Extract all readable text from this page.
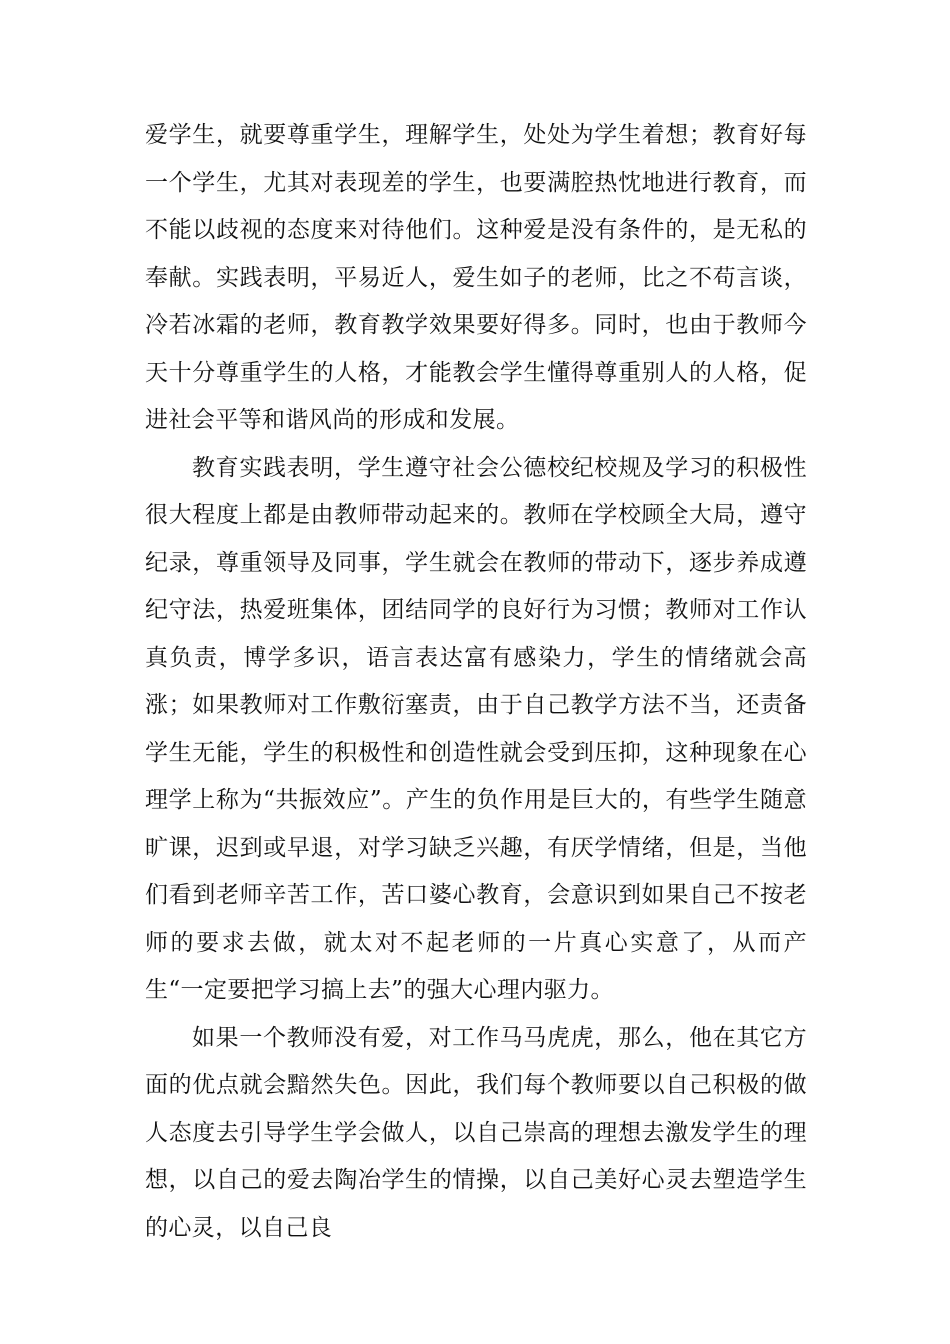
爱学生，就要尊重学生，理解学生，处处为学生着想；教育好每一个学生，尤其对表现差的学生，也要满腔热忱地进行教育，而不能以歧视的态度来对待他们。这种爱是没有条件的，是无私的奉献。实践表明，平易近人，爱生如子的老师，比之不苟言谈，冷若冰霜的老师，教育教学效果要好得多。同时，也由于教师今天十分尊重学生的人格，才能教会学生懂得尊重别人的人格，促进社会平等和谐风尚的形成和发展。

教育实践表明，学生遵守社会公德校纪校规及学习的积极性很大程度上都是由教师带动起来的。教师在学校顾全大局，遵守纪录，尊重领导及同事，学生就会在教师的带动下，逐步养成遵纪守法，热爱班集体，团结同学的良好行为习惯；教师对工作认真负责，博学多识，语言表达富有感染力，学生的情绪就会高涨；如果教师对工作敷衍塞责，由于自己教学方法不当，还责备学生无能，学生的积极性和创造性就会受到压抑，这种现象在心理学上称为“共振效应”。产生的负作用是巨大的，有些学生随意旷课，迟到或早退，对学习缺乏兴趣，有厌学情绪，但是，当他们看到老师辛苦工作，苦口婆心教育，会意识到如果自己不按老师的要求去做，就太对不起老师的一片真心实意了，从而产生“一定要把学习搞上去”的强大心理内驱力。

如果一个教师没有爱，对工作马马虎虎，那么，他在其它方面的优点就会黯然失色。因此，我们每个教师要以自己积极的做人态度去引导学生学会做人，以自己崇高的理想去激发学生的理想，以自己的爱去陶冶学生的情操，以自己美好心灵去塑造学生的心灵，以自己良
